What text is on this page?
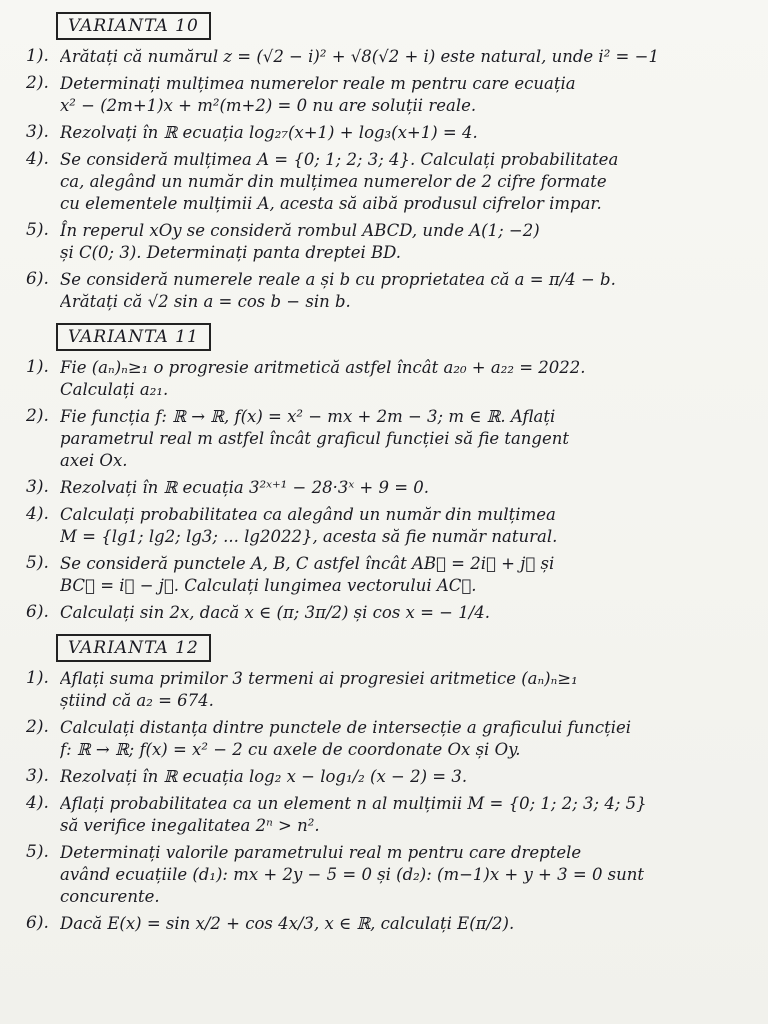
VARIANTA 10
1). Arătați că numărul z = (√2 − i)² + √8(√2 + i) este natural, unde i² = −1
2). Determinați mulțimea numerelor reale m pentru care ecuația
x² − (2m+1)x + m²(m+2) = 0 nu are soluții reale.
3). Rezolvați în ℝ ecuația log₂₇(x+1) + log₃(x+1) = 4.
4). Se consideră mulțimea A = {0; 1; 2; 3; 4}. Calculați probabilitatea
ca, alegând un număr din mulțimea numerelor de 2 cifre formate
cu elementele mulțimii A, acesta să aibă produsul cifrelor impar.
5). În reperul xOy se consideră rombul ABCD, unde A(1; −2)
și C(0; 3). Determinați panta dreptei BD.
6). Se consideră numerele reale a și b cu proprietatea că a = π/4 − b.
Arătați că √2 sin a = cos b − sin b.
VARIANTA 11
1). Fie (aₙ)ₙ≥₁ o progresie aritmetică astfel încât a₂₀ + a₂₂ = 2022.
Calculați a₂₁.
2). Fie funcția f: ℝ → ℝ, f(x) = x² − mx + 2m − 3; m ∈ ℝ. Aflați
parametrul real m astfel încât graficul funcției să fie tangent
axei Ox.
3). Rezolvați în ℝ ecuația 3²ˣ⁺¹ − 28·3ˣ + 9 = 0.
4). Calculați probabilitatea ca alegând un număr din mulțimea
M = {lg1; lg2; lg3; ... lg2022}, acesta să fie număr natural.
5). Se consideră punctele A, B, C astfel încât AB⃗ = 2i⃗ + j⃗ și
BC⃗ = i⃗ − j⃗. Calculați lungimea vectorului AC⃗.
6). Calculați sin 2x, dacă x ∈ (π; 3π/2) și cos x = − 1/4.
VARIANTA 12
1). Aflați suma primilor 3 termeni ai progresiei aritmetice (aₙ)ₙ≥₁
știind că a₂ = 674.
2). Calculați distanța dintre punctele de intersecție a graficului funcției
f: ℝ → ℝ; f(x) = x² − 2 cu axele de coordonate Ox și Oy.
3). Rezolvați în ℝ ecuația log₂ x − log₁/₂ (x − 2) = 3.
4). Aflați probabilitatea ca un element n al mulțimii M = {0; 1; 2; 3; 4; 5}
să verifice inegalitatea 2ⁿ > n².
5). Determinați valorile parametrului real m pentru care dreptele
având ecuațiile (d₁): mx + 2y − 5 = 0 și (d₂): (m−1)x + y + 3 = 0 sunt
concurente.
6). Dacă E(x) = sin x/2 + cos 4x/3, x ∈ ℝ, calculați E(π/2).
